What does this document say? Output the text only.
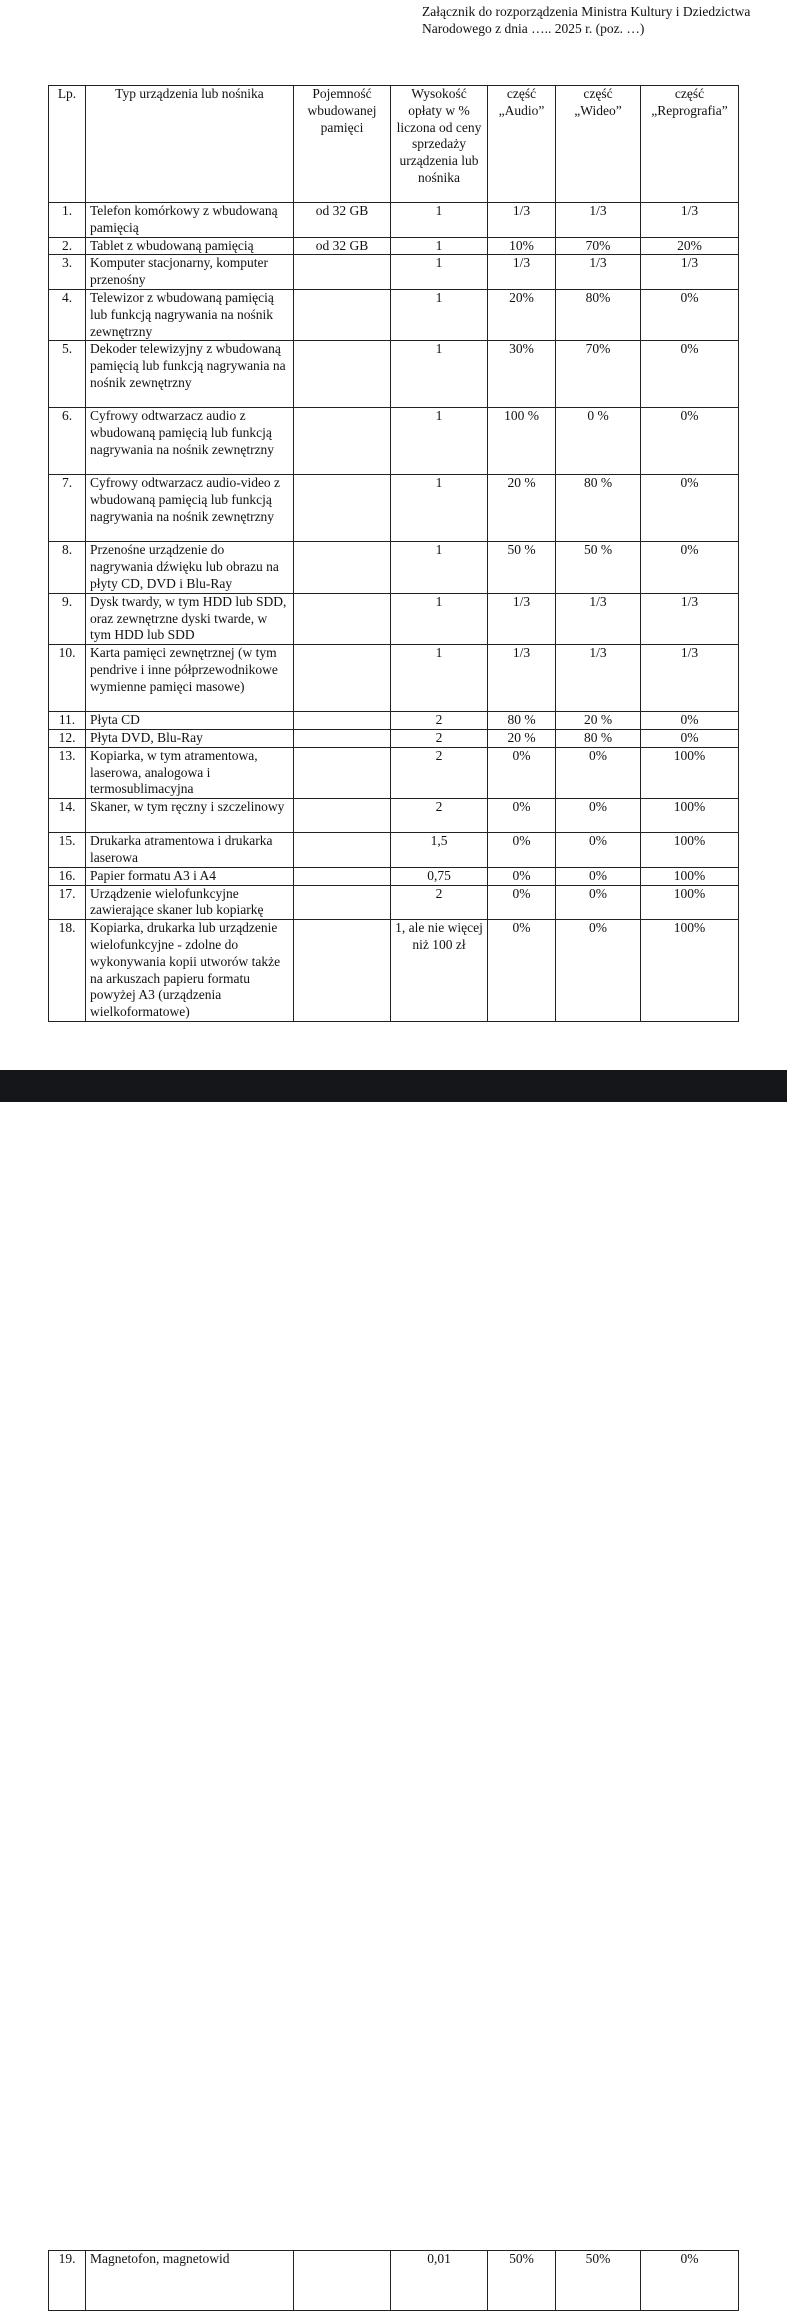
Załącznik do rozporządzenia Ministra Kultury i Dziedzictwa Narodowego z dnia ….. 2025 r. (poz. …)
Lp.	Typ urządzenia lub nośnika	Pojemność wbudowanej pamięci	Wysokość opłaty w % liczona od ceny sprzedaży urządzenia lub nośnika	część „Audio”	część „Wideo”	część „Reprografia”
1.	Telefon komórkowy z wbudowaną pamięcią	od 32 GB	1	1/3	1/3	1/3
2.	Tablet z wbudowaną pamięcią	od 32 GB	1	10%	70%	20%
3.	Komputer stacjonarny, komputer przenośny		1	1/3	1/3	1/3
4.	Telewizor z wbudowaną pamięcią lub funkcją nagrywania na nośnik zewnętrzny		1	20%	80%	0%
5.	Dekoder telewizyjny z wbudowaną pamięcią lub funkcją nagrywania na nośnik zewnętrzny		1	30%	70%	0%
6.	Cyfrowy odtwarzacz audio z wbudowaną pamięcią lub funkcją nagrywania na nośnik zewnętrzny		1	100 %	0 %	0%
7.	Cyfrowy odtwarzacz audio-video z wbudowaną pamięcią lub funkcją nagrywania na nośnik zewnętrzny		1	20 %	80 %	0%
8.	Przenośne urządzenie do nagrywania dźwięku lub obrazu na płyty CD, DVD i Blu-Ray		1	50 %	50 %	0%
9.	Dysk twardy, w tym HDD lub SDD, oraz zewnętrzne dyski twarde, w tym HDD lub SDD		1	1/3	1/3	1/3
10.	Karta pamięci zewnętrznej (w tym pendrive i inne półprzewodnikowe wymienne pamięci masowe)		1	1/3	1/3	1/3
11.	Płyta CD		2	80 %	20 %	0%
12.	Płyta DVD, Blu-Ray		2	20 %	80 %	0%
13.	Kopiarka, w tym atramentowa, laserowa, analogowa i termosublimacyjna		2	0%	0%	100%
14.	Skaner, w tym ręczny i szczelinowy		2	0%	0%	100%
15.	Drukarka atramentowa i drukarka laserowa		1,5	0%	0%	100%
16.	Papier formatu A3 i A4		0,75	0%	0%	100%
17.	Urządzenie wielofunkcyjne zawierające skaner lub kopiarkę		2	0%	0%	100%
18.	Kopiarka, drukarka lub urządzenie wielofunkcyjne - zdolne do wykonywania kopii utworów także na arkuszach papieru formatu powyżej A3 (urządzenia wielkoformatowe)		1, ale nie więcej niż 100 zł	0%	0%	100%
19.	Magnetofon, magnetowid		0,01	50%	50%	0%
